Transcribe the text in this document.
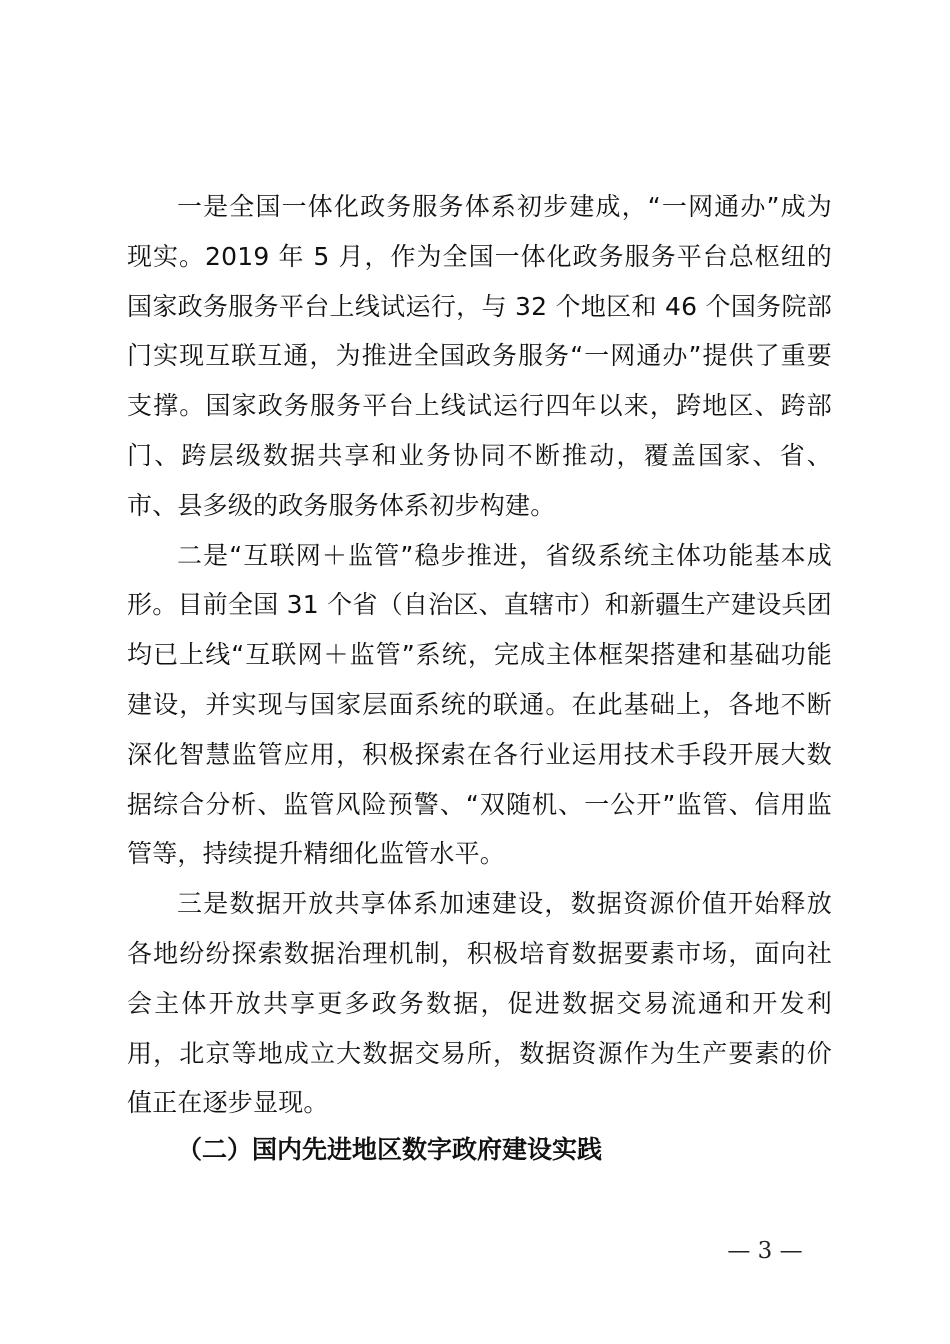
一是全国一体化政务服务体系初步建成，“一网通办”成为现实。2019 年 5 月，作为全国一体化政务服务平台总枢纽的国家政务服务平台上线试运行，与 32 个地区和 46 个国务院部门实现互联互通，为推进全国政务服务“一网通办”提供了重要支撑。国家政务服务平台上线试运行四年以来，跨地区、跨部门、跨层级数据共享和业务协同不断推动，覆盖国家、省、市、县多级的政务服务体系初步构建。

二是“互联网＋监管”稳步推进，省级系统主体功能基本成形。目前全国 31 个省（自治区、直辖市）和新疆生产建设兵团均已上线“互联网＋监管”系统，完成主体框架搭建和基础功能建设，并实现与国家层面系统的联通。在此基础上，各地不断深化智慧监管应用，积极探索在各行业运用技术手段开展大数据综合分析、监管风险预警、“双随机、一公开”监管、信用监管等，持续提升精细化监管水平。

三是数据开放共享体系加速建设，数据资源价值开始释放各地纷纷探索数据治理机制，积极培育数据要素市场，面向社会主体开放共享更多政务数据，促进数据交易流通和开发利用，北京等地成立大数据交易所，数据资源作为生产要素的价值正在逐步显现。

（二）国内先进地区数字政府建设实践

— 3 —
